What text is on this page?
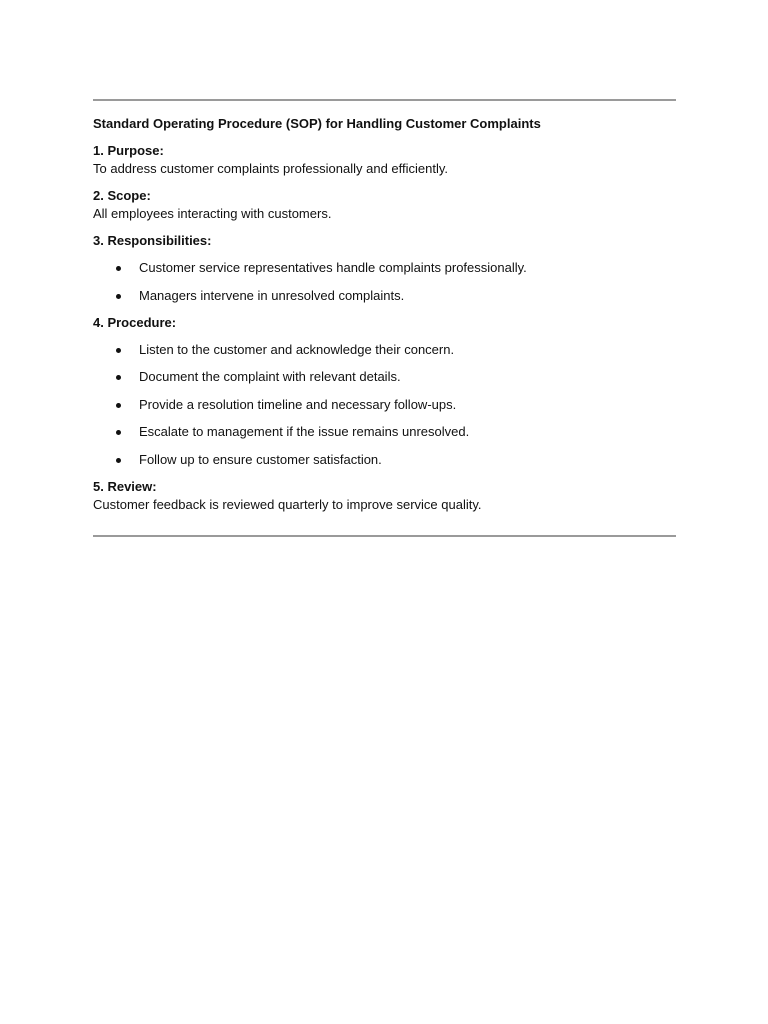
Standard Operating Procedure (SOP) for Handling Customer Complaints
1. Purpose:
To address customer complaints professionally and efficiently.
2. Scope:
All employees interacting with customers.
3. Responsibilities:
Customer service representatives handle complaints professionally.
Managers intervene in unresolved complaints.
4. Procedure:
Listen to the customer and acknowledge their concern.
Document the complaint with relevant details.
Provide a resolution timeline and necessary follow-ups.
Escalate to management if the issue remains unresolved.
Follow up to ensure customer satisfaction.
5. Review:
Customer feedback is reviewed quarterly to improve service quality.
